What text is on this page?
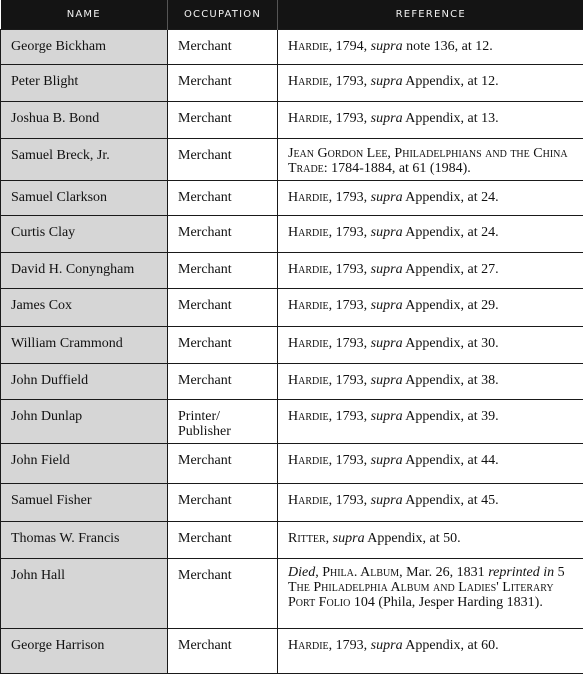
NAME	OCCUPATION	REFERENCE
George Bickham	Merchant	Hardie, 1794, supra note 136, at 12.
Peter Blight	Merchant	Hardie, 1793, supra Appendix, at 12.
Joshua B. Bond	Merchant	Hardie, 1793, supra Appendix, at 13.
Samuel Breck, Jr.	Merchant	Jean Gordon Lee, Philadelphians and the China Trade: 1784-1884, at 61 (1984).
Samuel Clarkson	Merchant	Hardie, 1793, supra Appendix, at 24.
Curtis Clay	Merchant	Hardie, 1793, supra Appendix, at 24.
David H. Conyngham	Merchant	Hardie, 1793, supra Appendix, at 27.
James Cox	Merchant	Hardie, 1793, supra Appendix, at 29.
William Crammond	Merchant	Hardie, 1793, supra Appendix, at 30.
John Duffield	Merchant	Hardie, 1793, supra Appendix, at 38.
John Dunlap	Printer/ Publisher	Hardie, 1793, supra Appendix, at 39.
John Field	Merchant	Hardie, 1793, supra Appendix, at 44.
Samuel Fisher	Merchant	Hardie, 1793, supra Appendix, at 45.
Thomas W. Francis	Merchant	Ritter, supra Appendix, at 50.
John Hall	Merchant	Died, Phila. Album, Mar. 26, 1831 reprinted in 5 The Philadelphia Album and Ladies' Literary Port Folio 104 (Phila, Jesper Harding 1831).
George Harrison	Merchant	Hardie, 1793, supra Appendix, at 60.
